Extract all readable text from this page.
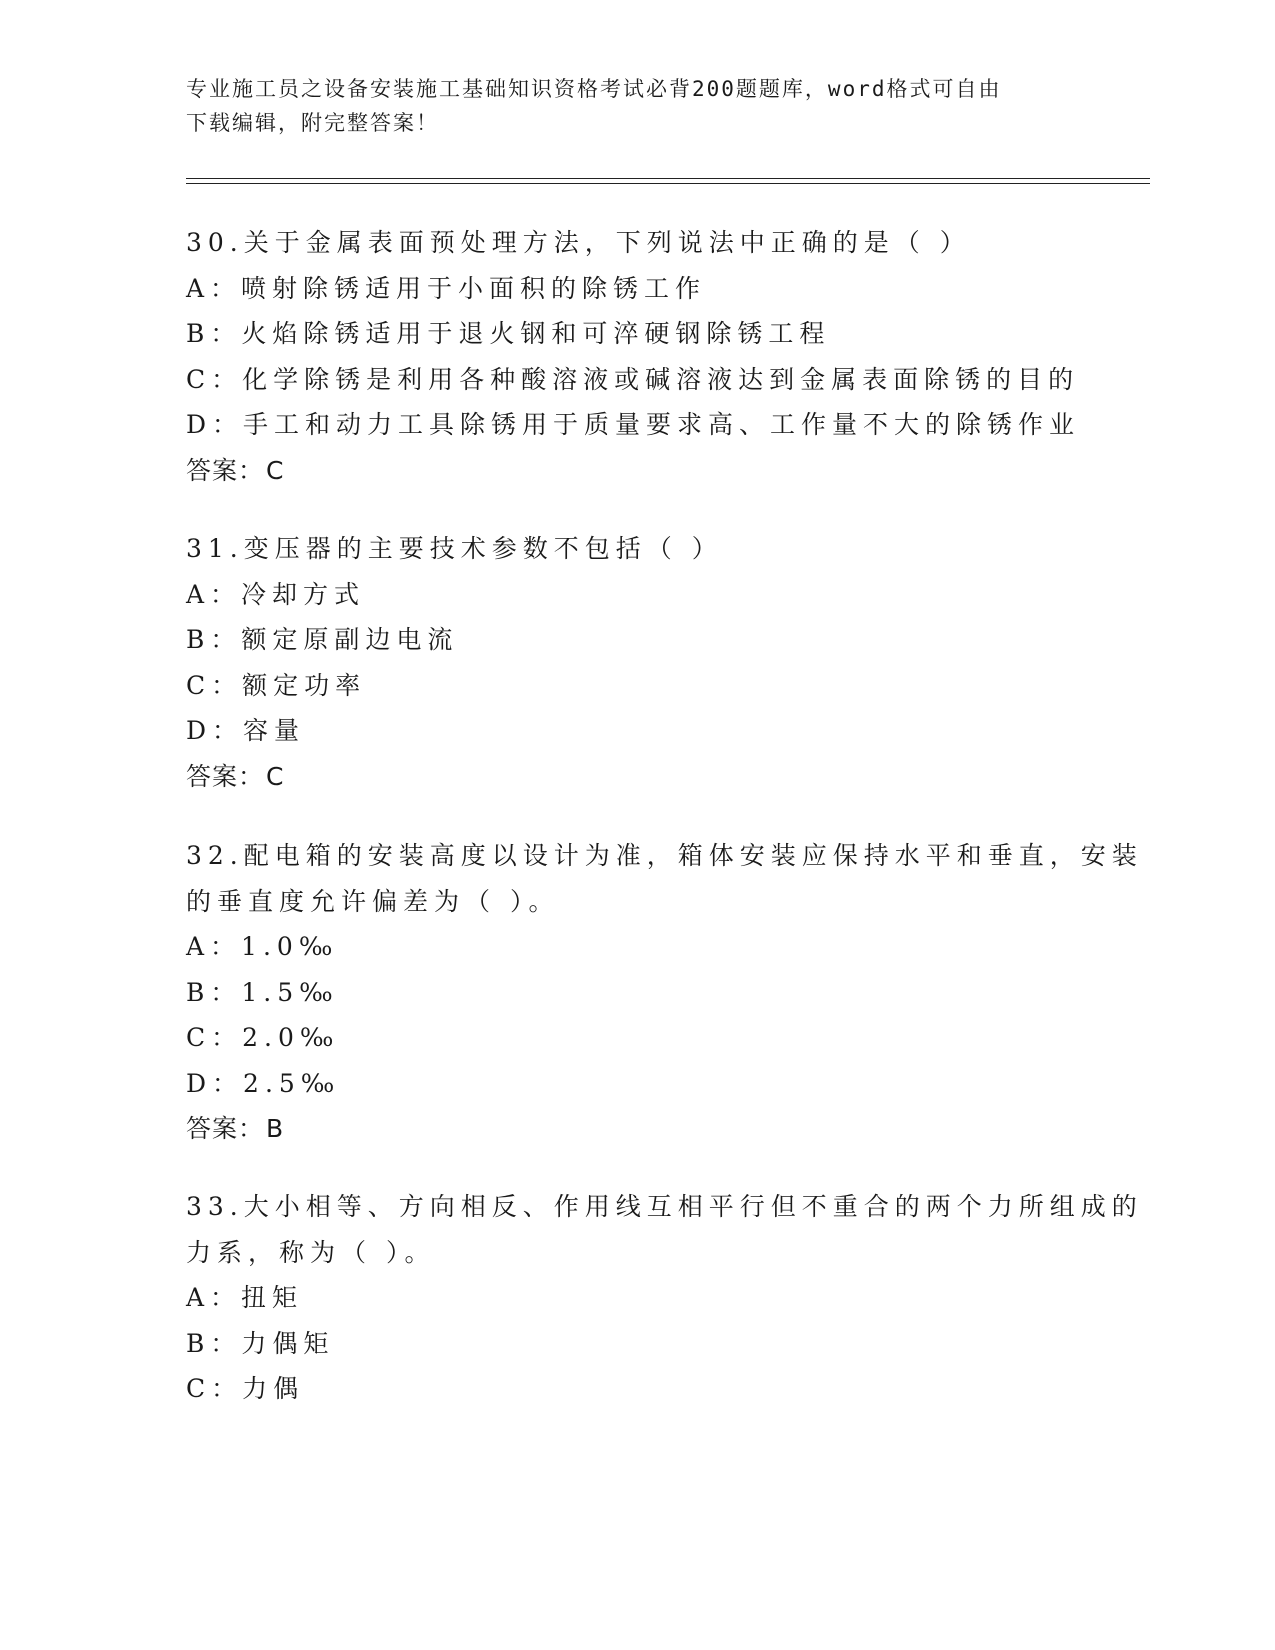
专业施工员之设备安装施工基础知识资格考试必背200题题库，word格式可自由
下载编辑，附完整答案！
30.关于金属表面预处理方法，下列说法中正确的是（ ）
A：喷射除锈适用于小面积的除锈工作
B：火焰除锈适用于退火钢和可淬硬钢除锈工程
C：化学除锈是利用各种酸溶液或碱溶液达到金属表面除锈的目的
D：手工和动力工具除锈用于质量要求高、工作量不大的除锈作业
答案：C
31.变压器的主要技术参数不包括（ ）
A：冷却方式
B：额定原副边电流
C：额定功率
D：容量
答案：C
32.配电箱的安装高度以设计为准，箱体安装应保持水平和垂直，安装
的垂直度允许偏差为（ ）。
A：1.0‰
B：1.5‰
C：2.0‰
D：2.5‰
答案：B
33.大小相等、方向相反、作用线互相平行但不重合的两个力所组成的
力系，称为（ ）。
A：扭矩
B：力偶矩
C：力偶
